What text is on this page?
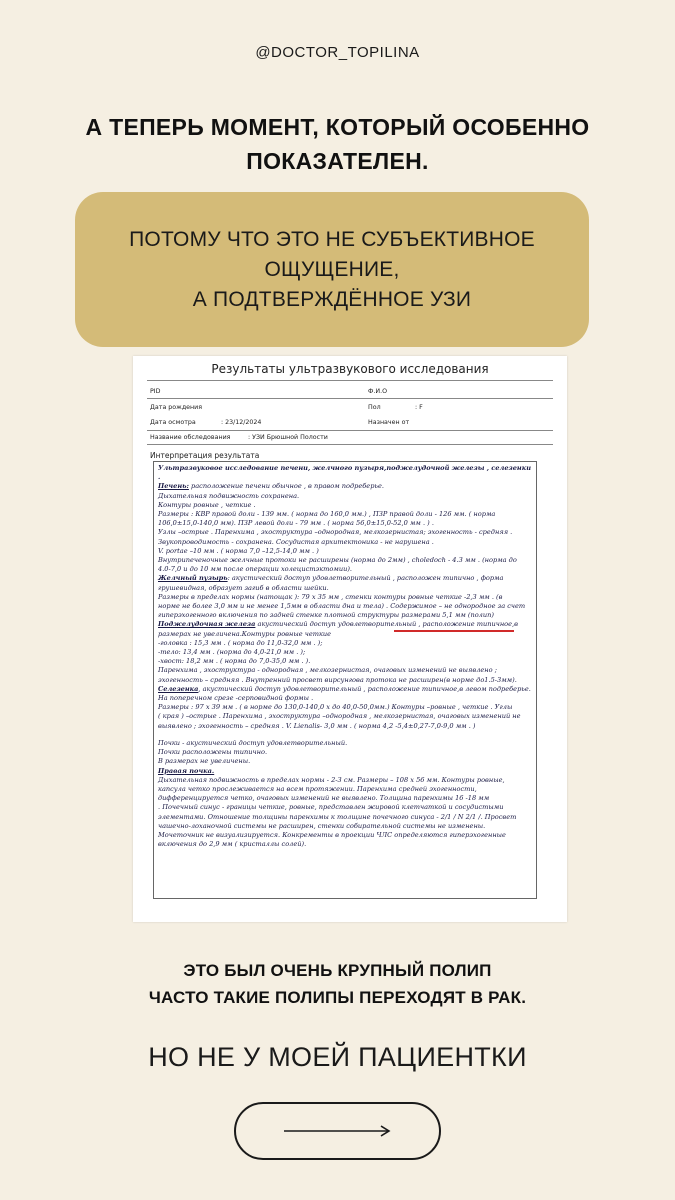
@DOCTOR_TOPILINA
А ТЕПЕРЬ МОМЕНТ, КОТОРЫЙ ОСОБЕННО
ПОКАЗАТЕЛЕН.
ПОТОМУ ЧТО ЭТО НЕ СУБЪЕКТИВНОЕ
ОЩУЩЕНИЕ,
А ПОДТВЕРЖДЁННОЕ УЗИ
Результаты ультразвукового исследования
PID	Ф.И.О
Дата рождения	Пол	: F
Дата осмотра	: 23/12/2024	Назначен от
Название обследования	: УЗИ Брюшной Полости
Интерпретация результата

Ультразвуковое исследование печени, желчного пузыря,поджелудочной железы , селезенки .

Печень: расположение печени обычное , в правом подреберье.

Дыхательная подвижность сохранена.

Контуры ровные , четкие .

Размеры : КВР правой доли - 139 мм. ( норма до 160,0 мм.) , ПЗР правой доли - 126 мм. ( норма

106,0±15,0-140,0 мм). ПЗР левой доли - 79 мм . ( норма 56,0±15,0-52,0 мм . ) .

Узлы –острые . Паренхима , эхоструктура –однородная, мелкозернистая; эхогенность - средняя .

Звукопроводимость - сохранена. Сосудистая архитектоника - не нарушена .

V. portae –10 мм . ( норма 7,0 –12,5-14,0 мм . )

Внутрипеченочные желчные протоки не расширены (норма до 2мм) , choledoch - 4.3 мм . (норма до

4.0-7,0 и до 10 мм после операции холецистэктомии).

Желчный пузырь: акустический доступ удовлетворительный , расположен типично , форма

грушевидная, образует загиб в области шейки.

Размеры в пределах нормы (натощак ): 79 х 35 мм , стенки контуры ровные четкие -2,3 мм . (в

норме не более 3,0 мм и не менее 1,5мм в области дна и тела) . Содержимое – не однородное за счет

гиперэхогенного включения по задней стенке плотной структуры размерами 5,1 мм (полип)

Поджелудочная железа акустический доступ удовлетворительный , расположение типичное,в

размерах не увеличена.Контуры ровные четкие

-головка : 15,3 мм . ( норма до 11,0-32,0 мм . );

-тело: 13,4 мм . (норма до 4,0-21,0 мм . );

-хвост: 18,2 мм . ( норма до 7,0-35,0 мм . ).

Паренхима , эхоструктура - однородная , мелкозернистая, очаговых изменений не выявлено ;

эхогенность – средняя . Внутренний просвет вирсунгова протока не расширен(в норме до1.5-3мм).

Селезенка, акустический доступ удовлетворительный , расположение типичное,в левом подреберье.

На поперечном срезе -серповидной формы .

Размеры : 97 х 39 мм . ( в норме до 130,0-140,0 х до 40,0-50,0мм.) Контуры –ровные , четкие . Углы

( края ) –острые . Паренхима , эхоструктура –однородная , мелкозернистая, очаговых изменений не

выявлено ; эхогенность – средняя . V. Lienalis- 3,0 мм . ( норма 4,2 -5,4±0,27-7,0-9,0 мм . )

Почки - акустический доступ удовлетворительный.

Почки расположены типично.

В размерах не увеличены.

Правая почка.

Дыхательная подвижность в пределах нормы - 2-3 см. Размеры – 108 х 56 мм. Контуры ровные,

капсула четко прослеживается на всем протяжении. Паренхима средней эхогенности,

дифференцируется четко, очаговых изменений не выявлено. Толщина паренхимы 16 -18 мм

. Почечный синус - границы четкие, ровные, представлен жировой клетчаткой и сосудистыми

элементами. Отношение толщины паренхимы к толщине почечного синуса - 2/1 / N 2/1 /. Просвет

чашечно-лоханочной системы не расширен, стенки собирательной системы не изменены.

Мочеточник не визуализируется. Конкременты в проекции ЧЛС определяются гиперэхогенные

включения до 2,9 мм ( кристаллы солей).

ЭТО БЫЛ ОЧЕНЬ КРУПНЫЙ ПОЛИП
ЧАСТО ТАКИЕ ПОЛИПЫ ПЕРЕХОДЯТ В РАК.
НО НЕ У МОЕЙ ПАЦИЕНТКИ
